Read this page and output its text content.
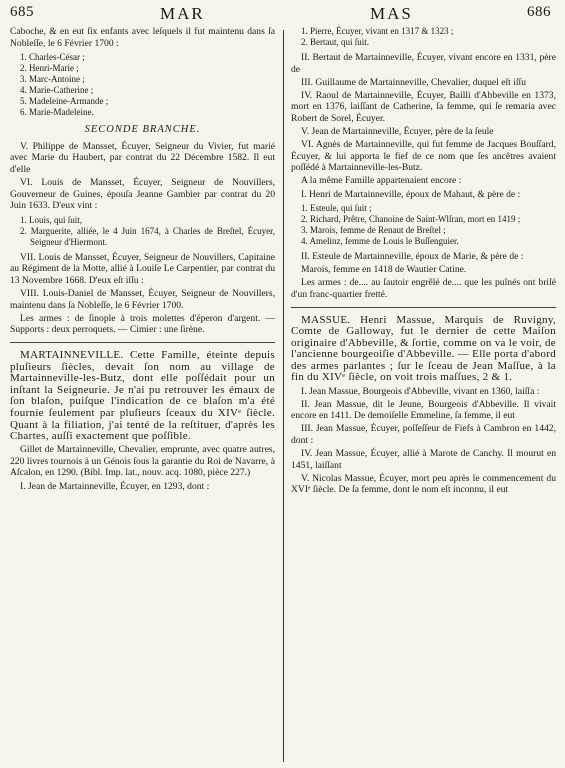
685	MAR	MAS	686

Caboche, & en eut ſix enfants avec leſquels il fut maintenu dans ſa Nobleſſe, le 6 Février 1700 :

1. Charles-César ;
2. Henri-Marie ;
3. Marc-Antoine ;
4. Marie-Catherine ;
5. Madeleine-Armande ;
6. Marie-Madeleine.

SECONDE BRANCHE.

V. Philippe de Mansset, Écuyer, Seigneur du Vivier, fut marié avec Marie du Haubert, par contrat du 22 Décembre 1582. Il eut d'elle

VI. Louis de Mansset, Écuyer, Seigneur de Nouvillers, Gouverneur de Guines, épouſa Jeanne Gambier par contrat du 20 Juin 1633. D'eux vint :

1. Louis, qui ſuit,
2. Marguerite, alliée, le 4 Juin 1674, à Charles de Breſtel, Écuyer, Seigneur d'Hiermont.

VII. Louis de Mansset, Écuyer, Seigneur de Nouvillers, Capitaine au Régiment de la Motte, allié à Louiſe Le Carpentier, par contrat du 13 Novembre 1668. D'eux eſt iſſu :

VIII. Louis-Daniel de Mansset, Écuyer, Seigneur de Nouvillers, maintenu dans ſa Nobleſſe, le 6 Février 1700.

Les armes : de ſinople à trois molettes d'éperon d'argent. — Supports : deux perroquets. — Cimier : une ſirène.

MARTAINNEVILLE. Cette Famille, éteinte depuis pluſieurs ſiècles, devait ſon nom au village de Martainneville-les-Butz, dont elle poſſédait pour un inſtant la Seigneurie. Je n'ai pu retrouver les émaux de ſon blaſon, puiſque l'indication de ce blaſon m'a été fournie ſeulement par pluſieurs ſceaux du XIVᵉ ſiècle. Quant à la filiation, j'ai tenté de la reſtituer, d'après les Chartes, auſſi exactement que poſſible.

Gillet de Martainneville, Chevalier, emprunte, avec quatre autres, 220 livres tournois à un Génois ſous la garantie du Roi de Navarre, à Aſcalon, en 1290. (Bibl. Imp. lat., nouv. acq. 1080, pièce 227.)

I. Jean de Martainneville, Écuyer, en 1293, dont :

1. Pierre, Écuyer, vivant en 1317 & 1323 ;
2. Bertaut, qui ſuit.

II. Bertaut de Martainneville, Écuyer, vivant encore en 1331, père de

III. Guillaume de Martainneville, Chevalier, duquel eſt iſſu

IV. Raoul de Martainneville, Écuyer, Bailli d'Abbeville en 1373, mort en 1376, laiſſant de Catherine, ſa femme, qui ſe remaria avec Robert de Sorel, Écuyer.

V. Jean de Martainneville, Écuyer, père de la ſeule

VI. Agnès de Martainneville, qui fut femme de Jacques Bouſſard, Écuyer, & lui apporta le fief de ce nom que ſes ancêtres avaient poſſédé à Martainneville-les-Butz.

A la même Famille appartenaient encore :

I. Henri de Martainneville, époux de Mahaut, & père de :

1. Esteule, qui ſuit ;
2. Richard, Prêtre, Chanoine de Saint-Wlſran, mort en 1419 ;
3. Marois, femme de Renaut de Breſtel ;
4. Amelinz, femme de Louis le Buſſenguier.

II. Esteule de Martainneville, époux de Marie, & père de :

Marois, femme en 1418 de Wautier Catine.

Les armes : de.... au ſautoir engrêlé de.... que les puînés ont briſé d'un franc-quartier fretté.

MASSUE. Henri Massue, Marquis de Ruvigny, Comte de Galloway, fut le dernier de cette Maiſon originaire d'Abbeville, & ſortie, comme on va le voir, de l'ancienne bourgeoiſie d'Abbeville. — Elle porta d'abord des armes parlantes ; ſur le ſceau de Jean Maſſue, à la fin du XIVᵉ ſiècle, on voit trois maſſues, 2 & 1.

I. Jean Massue, Bourgeois d'Abbeville, vivant en 1360, laiſſa :

II. Jean Massue, dit le Jeune, Bourgeois d'Abbeville. Il vivait encore en 1411. De demoiſelle Emmeline, ſa femme, il eut

III. Jean Massue, Écuyer, poſſeſſeur de Fiefs à Cambron en 1442, dont :

IV. Jean Massue, Écuyer, allié à Marote de Canchy. Il mourut en 1451, laiſſant

V. Nicolas Massue, Écuyer, mort peu après le commencement du XVIᵉ ſiècle. De ſa femme, dont le nom eſt inconnu, il eut
